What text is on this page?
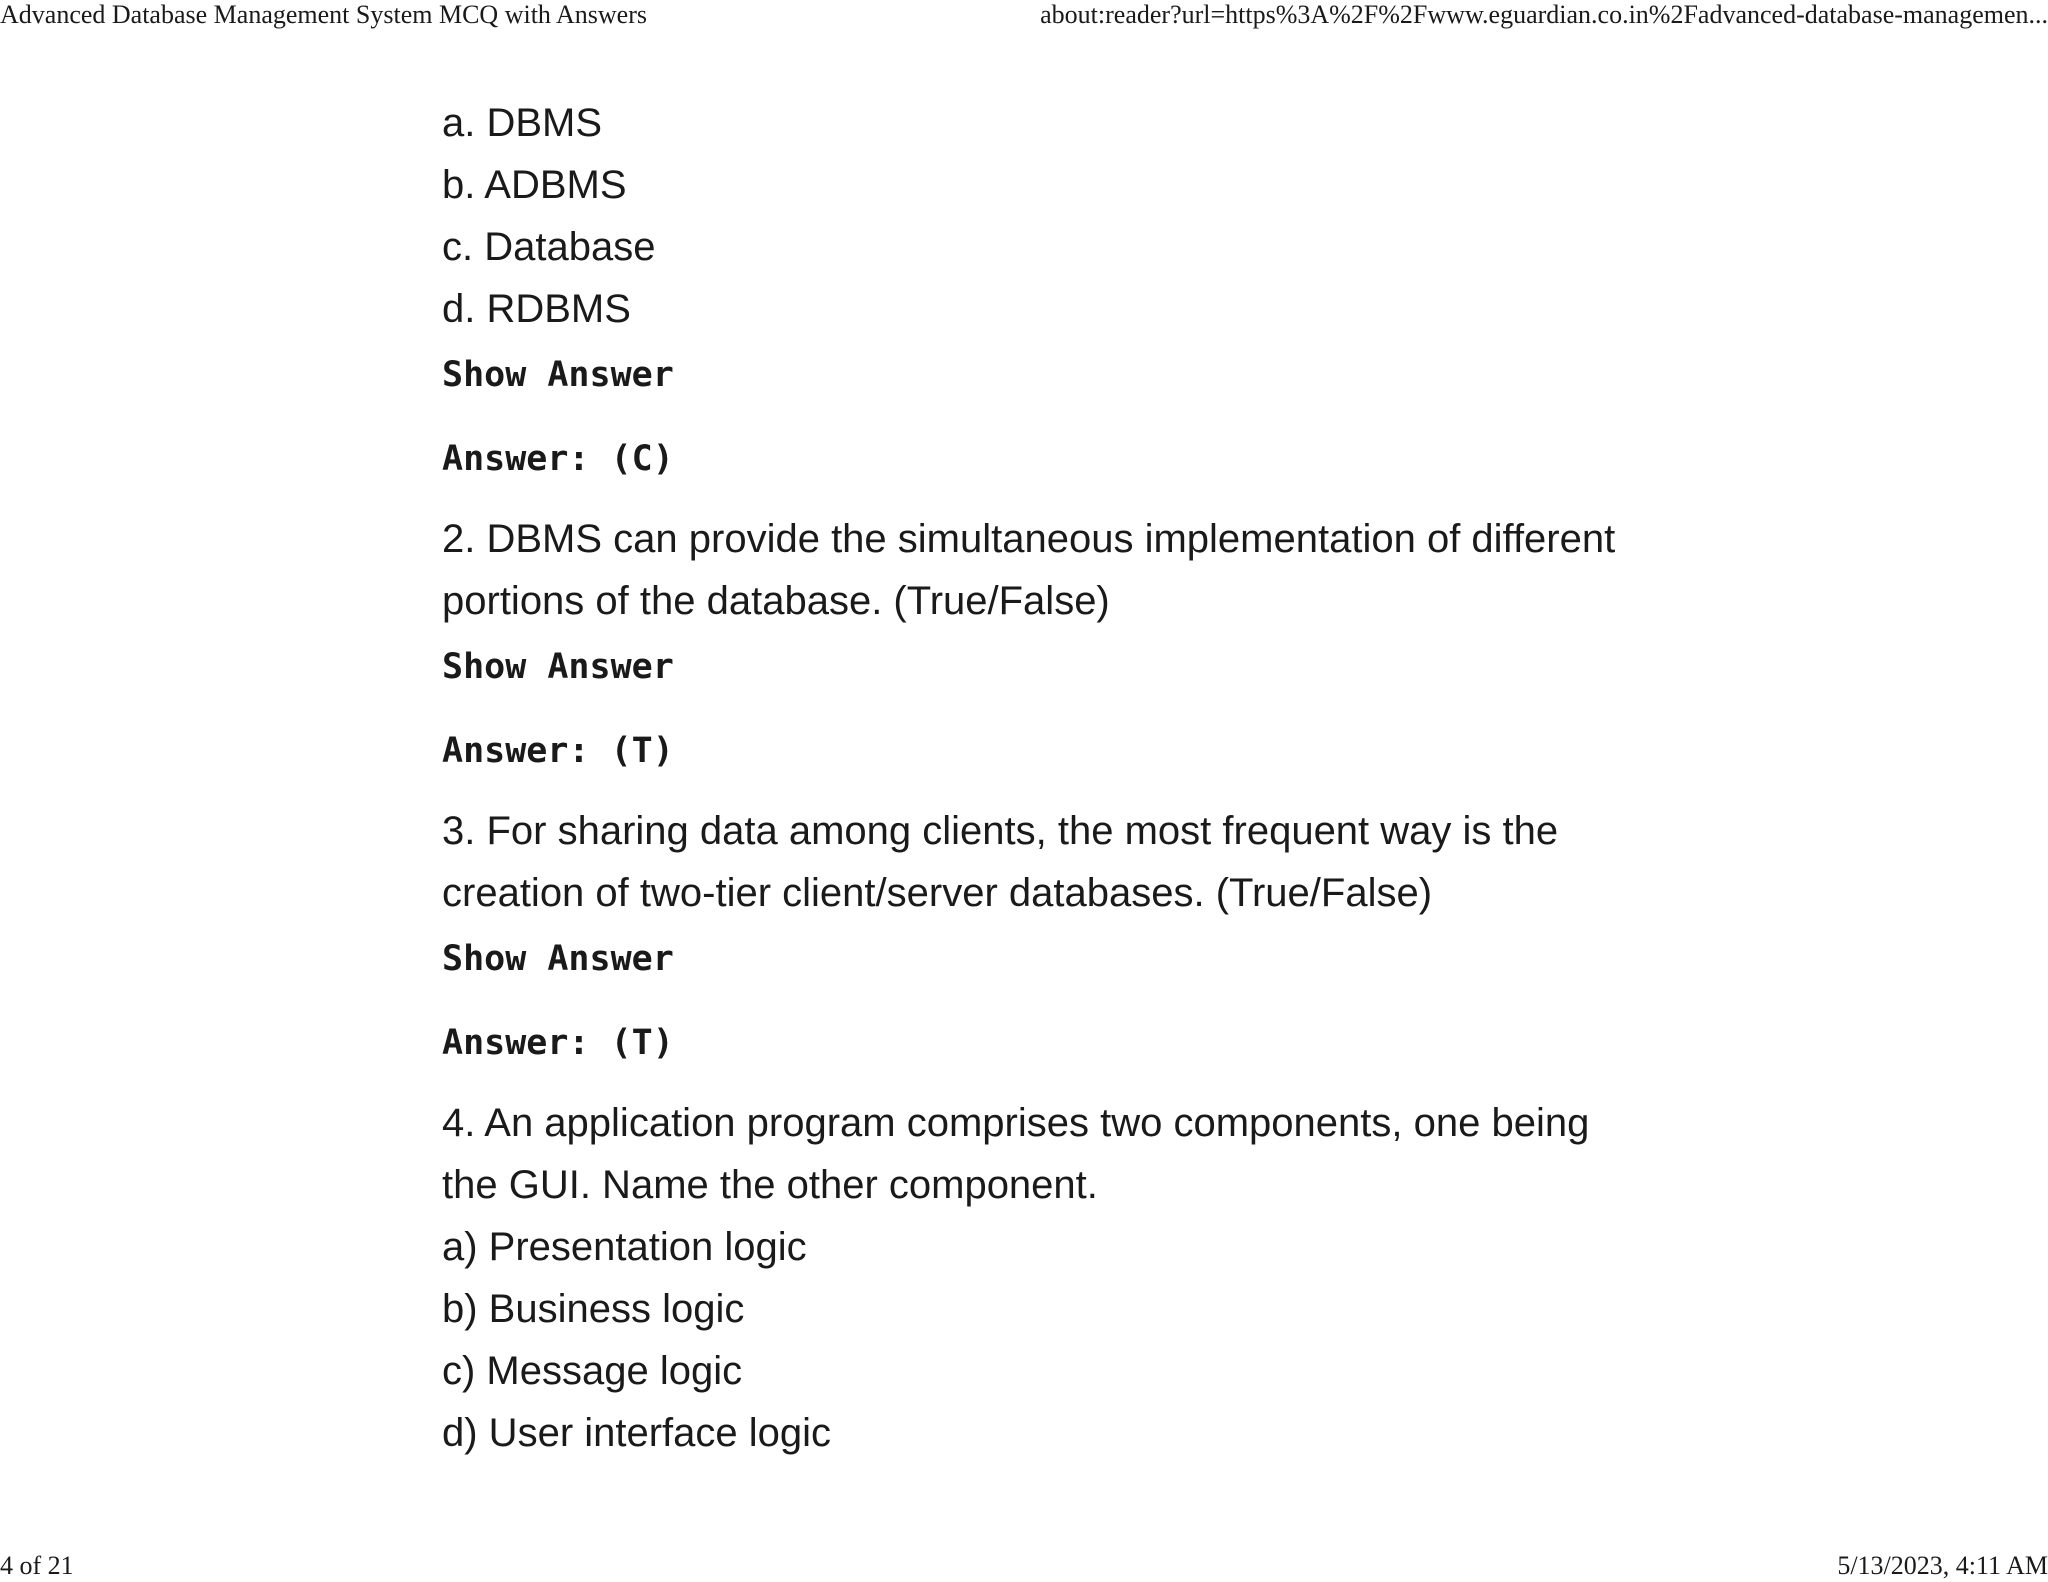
Advanced Database Management System MCQ with Answers	about:reader?url=https%3A%2F%2Fwww.eguardian.co.in%2Fadvanced-database-managemen...
a. DBMS
b. ADBMS
c. Database
d. RDBMS
Show Answer
Answer: (C)
2. DBMS can provide the simultaneous implementation of different
portions of the database. (True/False)
Show Answer
Answer: (T)
3. For sharing data among clients, the most frequent way is the
creation of two-tier client/server databases. (True/False)
Show Answer
Answer: (T)
4. An application program comprises two components, one being
the GUI. Name the other component.
a) Presentation logic
b) Business logic
c) Message logic
d) User interface logic
4 of 21	5/13/2023, 4:11 AM
